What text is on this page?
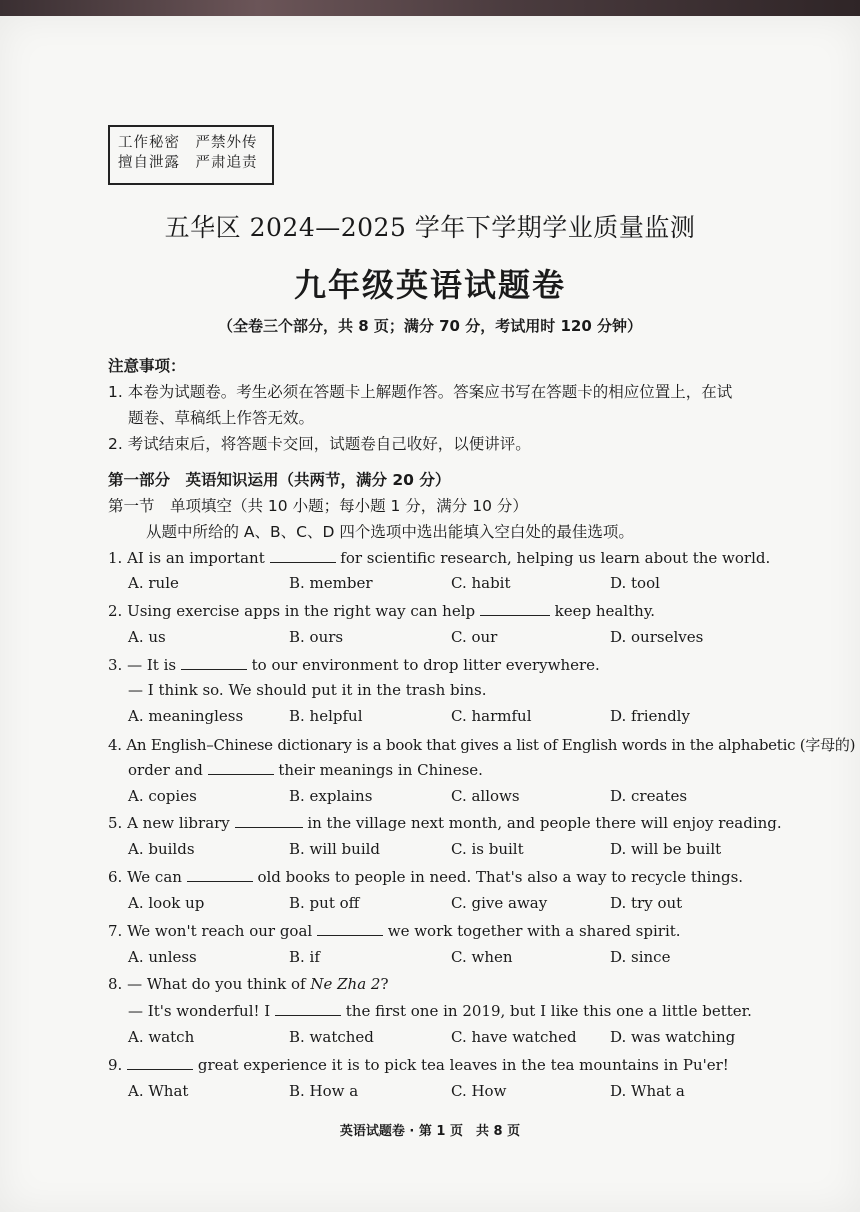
工作秘密　严禁外传
擅自泄露　严肃追责
五华区 2024—2025 学年下学期学业质量监测
九年级英语试题卷
（全卷三个部分，共 8 页；满分 70 分，考试用时 120 分钟）
注意事项：
1. 本卷为试题卷。考生必须在答题卡上解题作答。答案应书写在答题卡的相应位置上，在试
题卷、草稿纸上作答无效。
2. 考试结束后，将答题卡交回，试题卷自己收好，以便讲评。
第一部分　英语知识运用（共两节，满分 20 分）
第一节　单项填空（共 10 小题；每小题 1 分，满分 10 分）
从题中所给的 A、B、C、D 四个选项中选出能填入空白处的最佳选项。
1. AI is an important	for scientific research, helping us learn about the world.
A. rule	B. member	C. habit	D. tool
2. Using exercise apps in the right way can help	keep healthy.
A. us	B. ours	C. our	D. ourselves
3. — It is	to our environment to drop litter everywhere.
— I think so. We should put it in the trash bins.
A. meaningless	B. helpful	C. harmful	D. friendly
4. An English–Chinese dictionary is a book that gives a list of English words in the alphabetic (字母的)
order and	their meanings in Chinese.
A. copies	B. explains	C. allows	D. creates
5. A new library	in the village next month, and people there will enjoy reading.
A. builds	B. will build	C. is built	D. will be built
6. We can	old books to people in need. That's also a way to recycle things.
A. look up	B. put off	C. give away	D. try out
7. We won't reach our goal	we work together with a shared spirit.
A. unless	B. if	C. when	D. since
8. — What do you think of Ne Zha 2?
— It's wonderful! I	the first one in 2019, but I like this one a little better.
A. watch	B. watched	C. have watched D. was watching
9.	great experience it is to pick tea leaves in the tea mountains in Pu'er!
A. What	B. How a	C. How	D. What a
英语试题卷 · 第 1 页　共 8 页
